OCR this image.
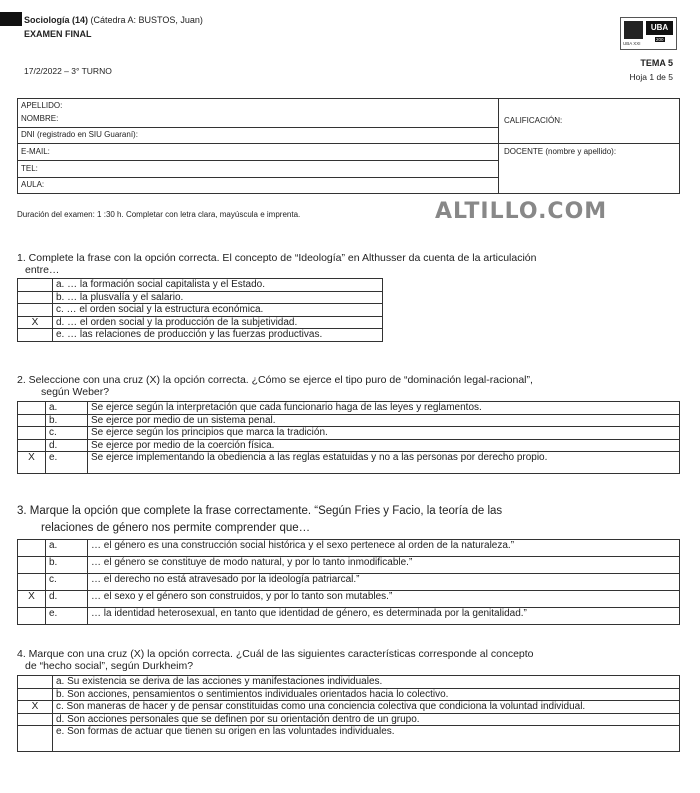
Sociología (14) (Cátedra A: BUSTOS, Juan)
EXAMEN FINAL
17/2/2022 – 3° TURNO
UBA
UBA XXI
200
TEMA 5
Hoja 1 de 5
APELLIDO:
NOMBRE:
DNI (registrado en SIU Guaraní):
E-MAIL:
TEL:
AULA:
CALIFICACIÓN:
DOCENTE (nombre y apellido):
Duración del examen: 1 :30 h. Completar con letra clara, mayúscula e imprenta.	ALTILLO.COM
1. Complete la frase con la opción correcta. El concepto de “Ideología” en Althusser da cuenta de la articulación
entre…
	a. … la formación social capitalista y el Estado.
	b. … la plusvalía y el salario.
	c. … el orden social y la estructura económica.
X	d. … el orden social y la producción de la subjetividad.
	e. … las relaciones de producción y las fuerzas productivas.
2. Seleccione con una cruz (X) la opción correcta. ¿Cómo se ejerce el tipo puro de “dominación legal-racional”,
según Weber?
	a.	Se ejerce según la interpretación que cada funcionario haga de las leyes y reglamentos.
	b.	Se ejerce por medio de un sistema penal.
	c.	Se ejerce según los principios que marca la tradición.
	d.	Se ejerce por medio de la coerción física.
X	e.	Se ejerce implementando la obediencia a las reglas estatuidas y no a las personas por derecho propio.
3. Marque la opción que complete la frase correctamente. “Según Fries y Facio, la teoría de las
relaciones de género nos permite comprender que…
	a.	… el género es una construcción social histórica y el sexo pertenece al orden de la naturaleza.”
	b.	… el género se constituye de modo natural, y por lo tanto inmodificable.”
	c.	… el derecho no está atravesado por la ideología patriarcal.”
X	d.	… el sexo y el género son construidos, y por lo tanto son mutables.”
	e.	… la identidad heterosexual, en tanto que identidad de género, es determinada por la genitalidad.”
4. Marque con una cruz (X) la opción correcta. ¿Cuál de las siguientes características corresponde al concepto
de “hecho social”, según Durkheim?
	a. Su existencia se deriva de las acciones y manifestaciones individuales.
	b. Son acciones, pensamientos o sentimientos individuales orientados hacia lo colectivo.
X	c. Son maneras de hacer y de pensar constituidas como una conciencia colectiva que condiciona la voluntad individual.
	d. Son acciones personales que se definen por su orientación dentro de un grupo.
	e. Son formas de actuar que tienen su origen en las voluntades individuales.
